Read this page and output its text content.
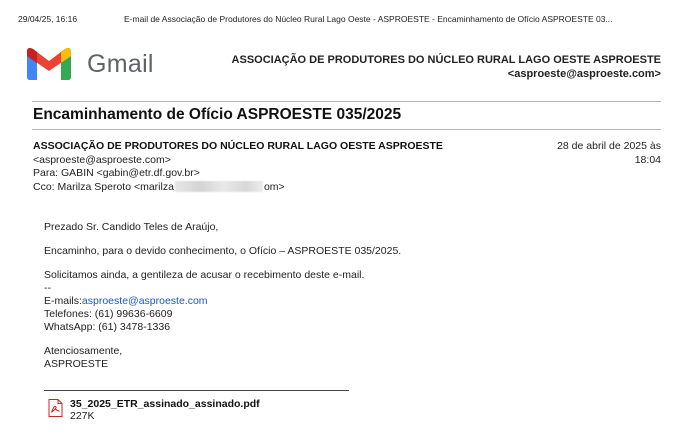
29/04/25, 16:16	E-mail de Associação de Produtores do Núcleo Rural Lago Oeste - ASPROESTE - Encaminhamento de Ofício ASPROESTE 03...
Gmail	ASSOCIAÇÃO DE PRODUTORES DO NÚCLEO RURAL LAGO OESTE ASPROESTE
<asproeste@asproeste.com>
Encaminhamento de Ofício ASPROESTE 035/2025
ASSOCIAÇÃO DE PRODUTORES DO NÚCLEO RURAL LAGO OESTE ASPROESTE
<asproeste@asproeste.com>
Para: GABIN <gabin@etr.df.gov.br>
Cco: Marilza Speroto <marilza	om>
28 de abril de 2025 às
18:04

Prezado Sr. Candido Teles de Araújo,

Encaminho, para o devido conhecimento, o Ofício – ASPROESTE 035/2025.

Solicitamos ainda, a gentileza de acusar o recebimento deste e-mail.

--

E-mails:asproeste@asproeste.com

Telefones: (61) 99636-6609

WhatsApp: (61) 3478-1336

Atenciosamente,

ASPROESTE

35_2025_ETR_assinado_assinado.pdf
227K
